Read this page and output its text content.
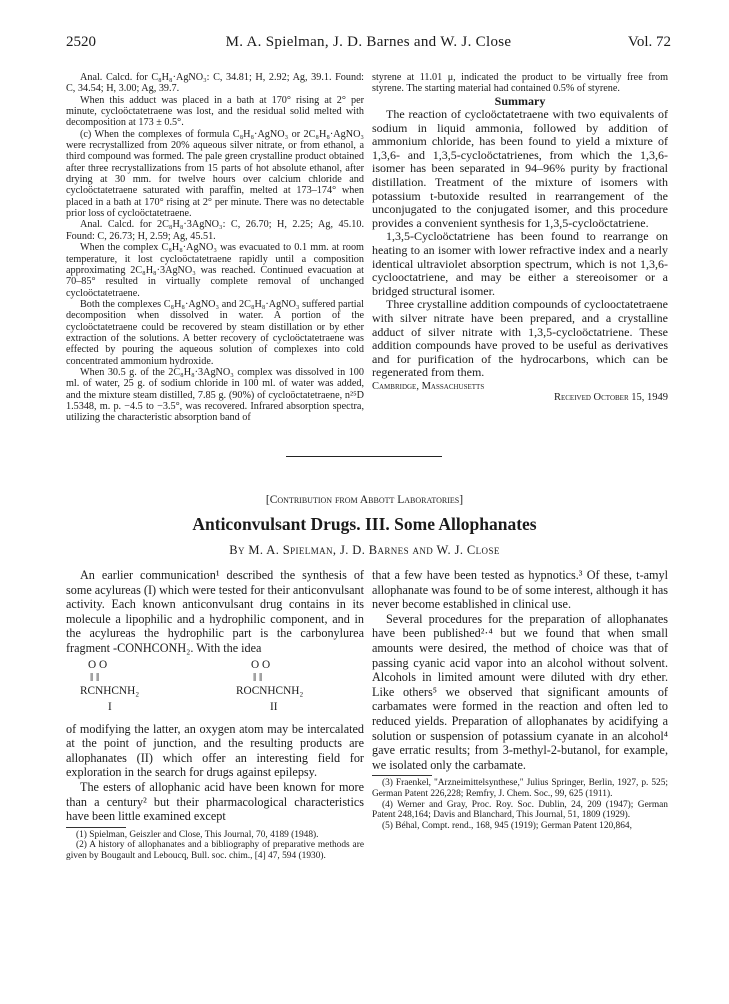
2520	M. A. Spielman, J. D. Barnes and W. J. Close	Vol. 72

Anal. Calcd. for C₈H₈·AgNO₃: C, 34.81; H, 2.92; Ag, 39.1. Found: C, 34.54; H, 3.00; Ag, 39.7.

When this adduct was placed in a bath at 170° rising at 2° per minute, cycloöctatetraene was lost, and the residual solid melted with decomposition at 173 ± 0.5°.

(c) When the complexes of formula C₈H₈·AgNO₃ or 2C₈H₈·AgNO₃ were recrystallized from 20% aqueous silver nitrate, or from ethanol, a third compound was formed. The pale green crystalline product obtained after three recrystallizations from 15 parts of hot absolute ethanol, after drying at 30 mm. for twelve hours over calcium chloride and cycloöctatetraene saturated with paraffin, melted at 173–174° when placed in a bath at 170° rising at 2° per minute. There was no detectable prior loss of cycloöctatetraene.

Anal. Calcd. for 2C₈H₈·3AgNO₃: C, 26.70; H, 2.25; Ag, 45.10. Found: C, 26.73; H, 2.59; Ag, 45.51.

When the complex C₈H₈·AgNO₃ was evacuated to 0.1 mm. at room temperature, it lost cycloöctatetraene rapidly until a composition approximating 2C₈H₈·3AgNO₃ was reached. Continued evacuation at 70–85° resulted in virtually complete removal of unchanged cycloöctatetraene.

Both the complexes C₈H₈·AgNO₃ and 2C₈H₈·AgNO₃ suffered partial decomposition when dissolved in water. A portion of the cycloöctatetraene could be recovered by steam distillation or by ether extraction of the solutions. A better recovery of cycloöctatetraene was effected by pouring the aqueous solution of complexes into cold concentrated ammonium hydroxide.

When 30.5 g. of the 2C₈H₈·3AgNO₃ complex was dissolved in 100 ml. of water, 25 g. of sodium chloride in 100 ml. of water was added, and the mixture steam distilled, 7.85 g. (90%) of cycloöctatetraene, n²⁵D 1.5348, m. p. −4.5 to −3.5°, was recovered. Infrared absorption spectra, utilizing the characteristic absorption band of

styrene at 11.01 μ, indicated the product to be virtually free from styrene. The starting material had contained 0.5% of styrene.

Summary

The reaction of cycloöctatetraene with two equivalents of sodium in liquid ammonia, followed by addition of ammonium chloride, has been found to yield a mixture of 1,3,6- and 1,3,5-cycloöctatrienes, from which the 1,3,6-isomer has been separated in 94–96% purity by fractional distillation. Treatment of the mixture of isomers with potassium t-butoxide resulted in rearrangement of the unconjugated to the conjugated isomer, and this procedure provides a convenient synthesis for 1,3,5-cycloöctatriene.

1,3,5-Cycloöctatriene has been found to rearrange on heating to an isomer with lower refractive index and a nearly identical ultraviolet absorption spectrum, which is not 1,3,6-cyclooctatriene, and may be either a stereoisomer or a bridged structural isomer.

Three crystalline addition compounds of cyclooctatetraene with silver nitrate have been prepared, and a crystalline adduct of silver nitrate with 1,3,5-cycloöctatriene. These addition compounds have proved to be useful as derivatives and for purification of the hydrocarbons, which can be regenerated from them.

Cambridge, Massachusetts
Received October 15, 1949
[Contribution from Abbott Laboratories]
Anticonvulsant Drugs. III. Some Allophanates
By M. A. Spielman, J. D. Barnes and W. J. Close

An earlier communication¹ described the synthesis of some acylureas (I) which were tested for their anticonvulsant activity. Each known anticonvulsant drug contains in its molecule a lipophilic and a hydrophilic component, and in the acylureas the hydrophilic part is the carbonylurea fragment -CONHCONH₂. With the idea

O O
‖ ‖
RCNHCNH₂
I
O O
‖ ‖
ROCNHCNH₂
II

of modifying the latter, an oxygen atom may be intercalated at the point of junction, and the resulting products are allophanates (II) which offer an interesting field for exploration in the search for drugs against epilepsy.

The esters of allophanic acid have been known for more than a century² but their pharmacological characteristics have been little examined except

(1) Spielman, Geiszler and Close, This Journal, 70, 4189 (1948).

(2) A history of allophanates and a bibliography of preparative methods are given by Bougault and Leboucq, Bull. soc. chim., [4] 47, 594 (1930).

that a few have been tested as hypnotics.³ Of these, t-amyl allophanate was found to be of some interest, although it has never become established in clinical use.

Several procedures for the preparation of allophanates have been published²·⁴ but we found that when small amounts were desired, the method of choice was that of passing cyanic acid vapor into an alcohol without solvent. Alcohols in limited amount were diluted with dry ether. Like others⁵ we observed that significant amounts of carbamates were formed in the reaction and often led to reduced yields. Preparation of allophanates by acidifying a solution or suspension of potassium cyanate in an alcohol⁴ gave erratic results; from 3-methyl-2-butanol, for example, we isolated only the carbamate.

(3) Fraenkel, "Arzneimittelsynthese," Julius Springer, Berlin, 1927, p. 525; German Patent 226,228; Remfry, J. Chem. Soc., 99, 625 (1911).

(4) Werner and Gray, Proc. Roy. Soc. Dublin, 24, 209 (1947); German Patent 248,164; Davis and Blanchard, This Journal, 51, 1809 (1929).

(5) Béhal, Compt. rend., 168, 945 (1919); German Patent 120,864,
